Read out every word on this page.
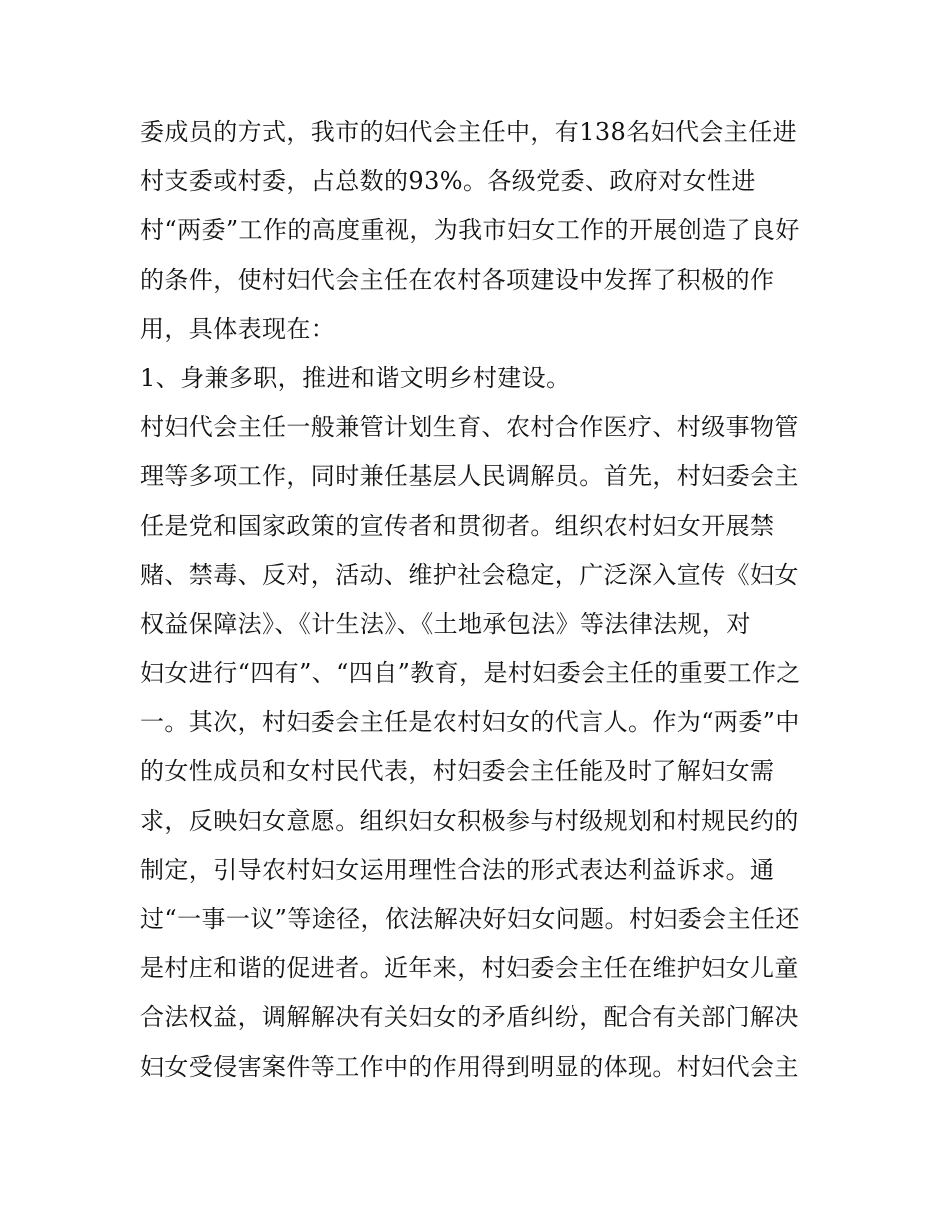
委成员的方式，我市的妇代会主任中，有138名妇代会主任进
村支委或村委，占总数的93%。各级党委、政府对女性进
村“两委”工作的高度重视，为我市妇女工作的开展创造了良好
的条件，使村妇代会主任在农村各项建设中发挥了积极的作
用，具体表现在：
1、身兼多职，推进和谐文明乡村建设。
村妇代会主任一般兼管计划生育、农村合作医疗、村级事物管
理等多项工作，同时兼任基层人民调解员。首先，村妇委会主
任是党和国家政策的宣传者和贯彻者。组织农村妇女开展禁
赌、禁毒、反对，活动、维护社会稳定，广泛深入宣传《妇女
权益保障法》、《计生法》、《土地承包法》等法律法规，对
妇女进行“四有”、“四自”教育，是村妇委会主任的重要工作之
一。其次，村妇委会主任是农村妇女的代言人。作为“两委”中
的女性成员和女村民代表，村妇委会主任能及时了解妇女需
求，反映妇女意愿。组织妇女积极参与村级规划和村规民约的
制定，引导农村妇女运用理性合法的形式表达利益诉求。通
过“一事一议”等途径，依法解决好妇女问题。村妇委会主任还
是村庄和谐的促进者。近年来，村妇委会主任在维护妇女儿童
合法权益，调解解决有关妇女的矛盾纠纷，配合有关部门解决
妇女受侵害案件等工作中的作用得到明显的体现。村妇代会主
